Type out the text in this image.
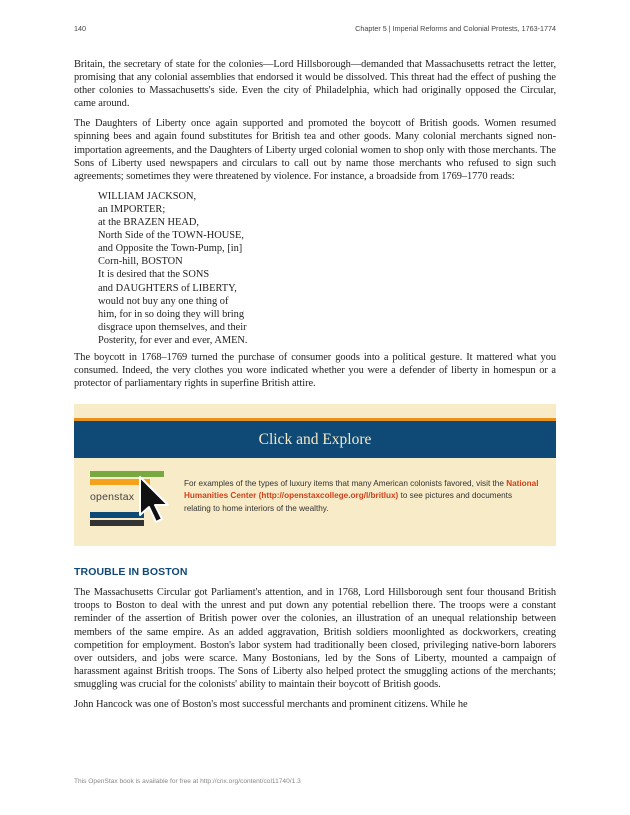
140	Chapter 5 | Imperial Reforms and Colonial Protests, 1763-1774

Britain, the secretary of state for the colonies—Lord Hillsborough—demanded that Massachusetts retract the letter, promising that any colonial assemblies that endorsed it would be dissolved. This threat had the effect of pushing the other colonies to Massachusetts's side. Even the city of Philadelphia, which had originally opposed the Circular, came around.

The Daughters of Liberty once again supported and promoted the boycott of British goods. Women resumed spinning bees and again found substitutes for British tea and other goods. Many colonial merchants signed non-importation agreements, and the Daughters of Liberty urged colonial women to shop only with those merchants. The Sons of Liberty used newspapers and circulars to call out by name those merchants who refused to sign such agreements; sometimes they were threatened by violence. For instance, a broadside from 1769–1770 reads:

WILLIAM JACKSON,
an IMPORTER;
at the BRAZEN HEAD,
North Side of the TOWN-HOUSE,
and Opposite the Town-Pump, [in]
Corn-hill, BOSTON
It is desired that the SONS
and DAUGHTERS of LIBERTY,
would not buy any one thing of
him, for in so doing they will bring
disgrace upon themselves, and their
Posterity, for ever and ever, AMEN.

The boycott in 1768–1769 turned the purchase of consumer goods into a political gesture. It mattered what you consumed. Indeed, the very clothes you wore indicated whether you were a defender of liberty in homespun or a protector of parliamentary rights in superfine British attire.

Click and Explore
openstax
For examples of the types of luxury items that many American colonists favored, visit the National Humanities Center (http://openstaxcollege.org/l/britlux) to see pictures and documents relating to home interiors of the wealthy.
TROUBLE IN BOSTON

The Massachusetts Circular got Parliament's attention, and in 1768, Lord Hillsborough sent four thousand British troops to Boston to deal with the unrest and put down any potential rebellion there. The troops were a constant reminder of the assertion of British power over the colonies, an illustration of an unequal relationship between members of the same empire. As an added aggravation, British soldiers moonlighted as dockworkers, creating competition for employment. Boston's labor system had traditionally been closed, privileging native-born laborers over outsiders, and jobs were scarce. Many Bostonians, led by the Sons of Liberty, mounted a campaign of harassment against British troops. The Sons of Liberty also helped protect the smuggling actions of the merchants; smuggling was crucial for the colonists' ability to maintain their boycott of British goods.

John Hancock was one of Boston's most successful merchants and prominent citizens. While he

This OpenStax book is available for free at http://cnx.org/content/col11740/1.3
